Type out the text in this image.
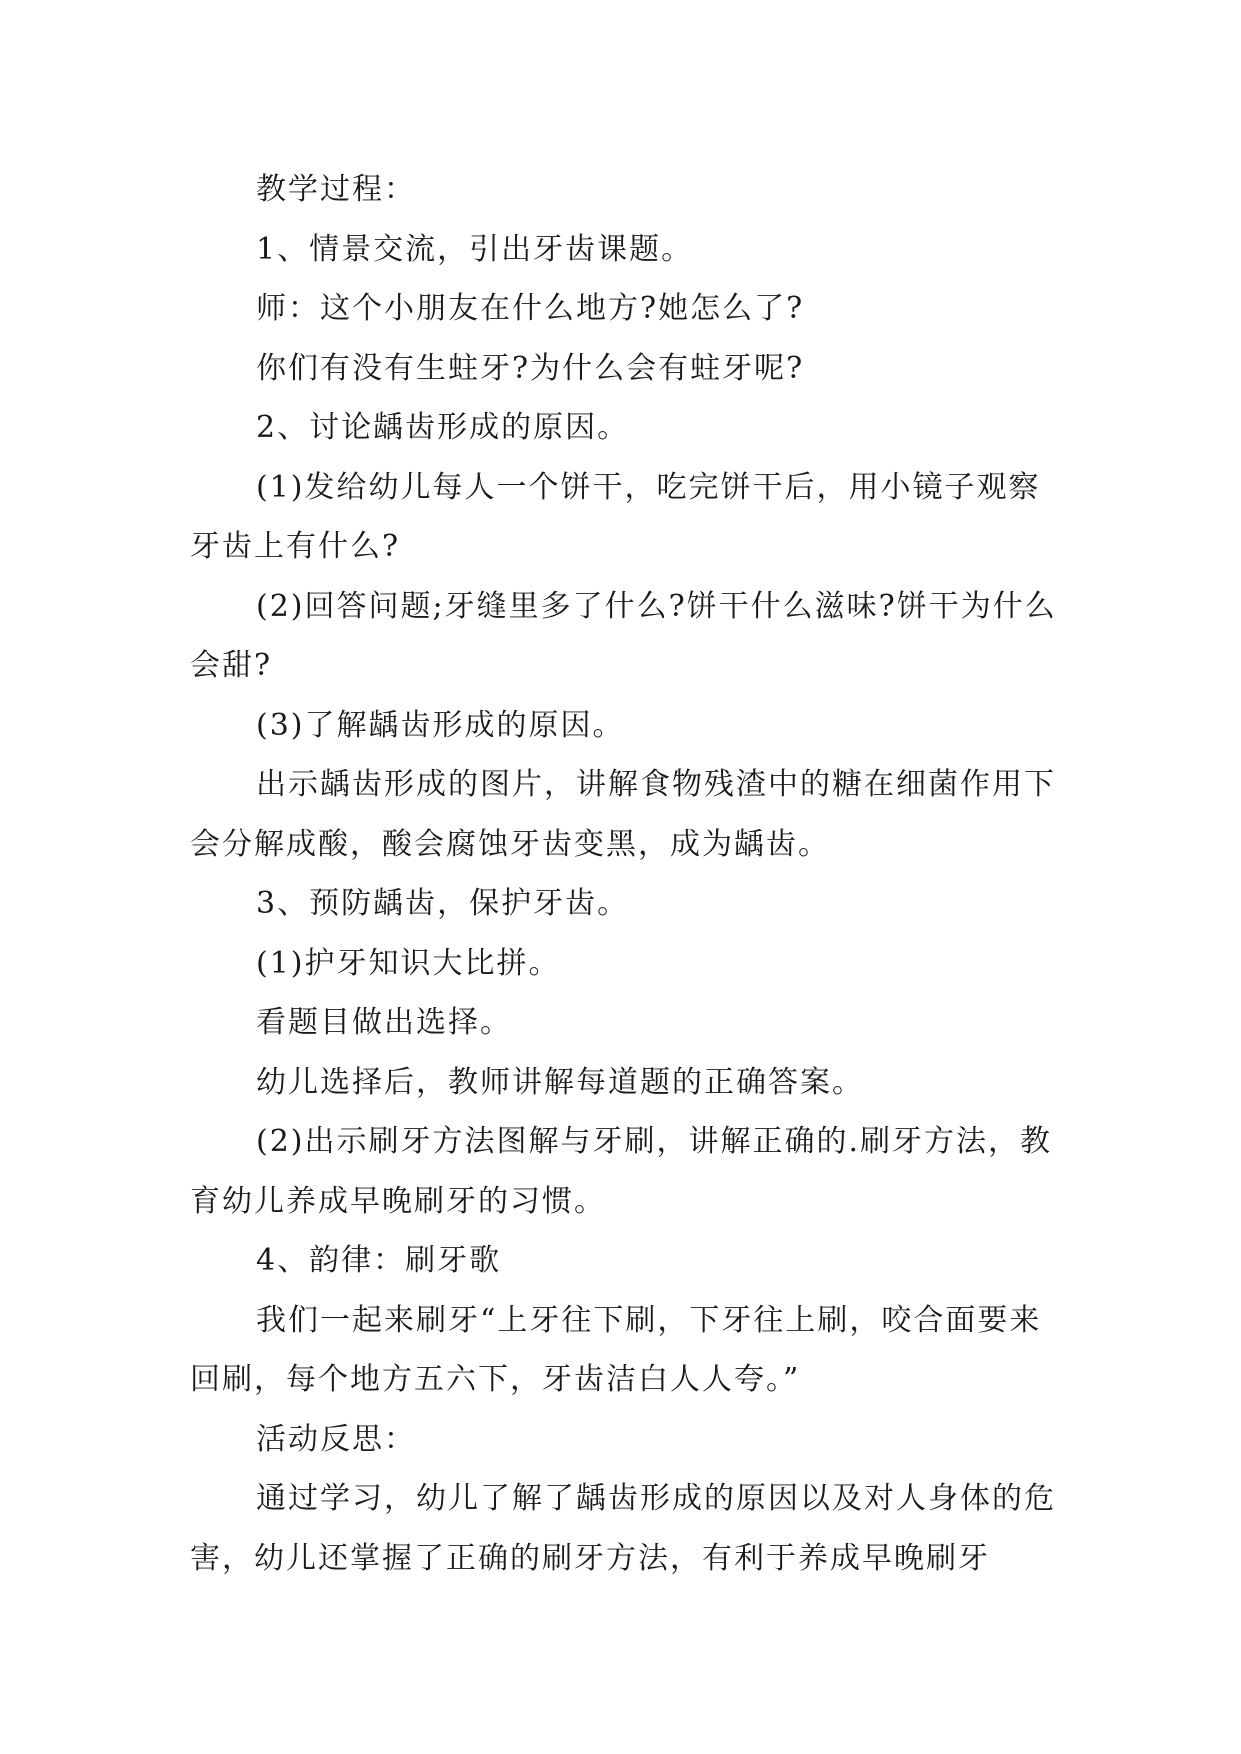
教学过程：

1、情景交流，引出牙齿课题。

师：这个小朋友在什么地方?她怎么了?

你们有没有生蛀牙?为什么会有蛀牙呢?

2、讨论龋齿形成的原因。

(1)发给幼儿每人一个饼干，吃完饼干后，用小镜子观察牙齿上有什么?

(2)回答问题;牙缝里多了什么?饼干什么滋味?饼干为什么会甜?

(3)了解龋齿形成的原因。

出示龋齿形成的图片，讲解食物残渣中的糖在细菌作用下会分解成酸，酸会腐蚀牙齿变黑，成为龋齿。

3、预防龋齿，保护牙齿。

(1)护牙知识大比拼。

看题目做出选择。

幼儿选择后，教师讲解每道题的正确答案。

(2)出示刷牙方法图解与牙刷，讲解正确的.刷牙方法，教育幼儿养成早晚刷牙的习惯。

4、韵律：刷牙歌

我们一起来刷牙“上牙往下刷，下牙往上刷，咬合面要来回刷，每个地方五六下，牙齿洁白人人夸。”

活动反思：

通过学习，幼儿了解了龋齿形成的原因以及对人身体的危害，幼儿还掌握了正确的刷牙方法，有利于养成早晚刷牙
